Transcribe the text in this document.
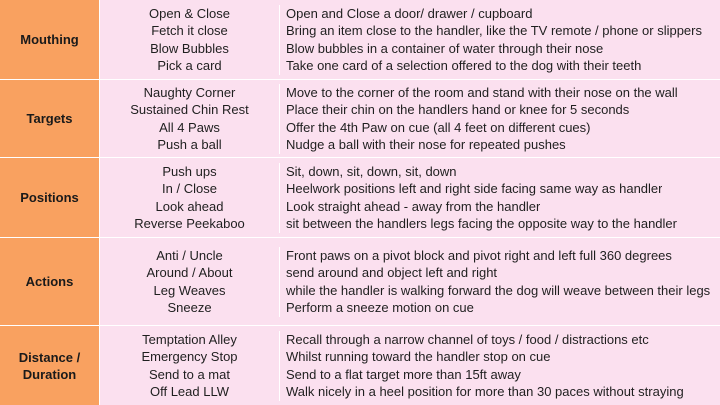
Mouthing
Open & Close	Open and Close a door/ drawer / cupboard
Fetch it close	Bring an item close to the handler, like the TV remote / phone or slippers
Blow Bubbles	Blow bubbles in a container of water through their nose
Pick a card	Take one card of a selection offered to the dog with their teeth
Targets
Naughty Corner	Move to the corner of the room and stand with their nose on the wall
Sustained Chin Rest	Place their chin on the handlers hand or knee for 5 seconds
All 4 Paws	Offer the 4th Paw on cue (all 4 feet on different cues)
Push a ball	Nudge a ball with their nose for repeated pushes
Positions
Push ups	Sit, down, sit, down, sit, down
In / Close	Heelwork positions left and right side facing same way as handler
Look ahead	Look straight ahead - away from the handler
Reverse Peekaboo	sit between the handlers legs facing the opposite way to the handler
Actions
Anti / Uncle	Front paws on a pivot block and pivot right and left full 360 degrees
Around / About	send around and object left and right
Leg Weaves	while the handler is walking forward the dog will weave between their legs
Sneeze	Perform a sneeze motion on cue
Distance /
Duration
Temptation Alley	Recall through a narrow channel of toys / food / distractions etc
Emergency Stop	Whilst running toward the handler stop on cue
Send to a mat	Send to a flat target more than 15ft away
Off Lead LLW	Walk nicely in a heel position for more than 30 paces without straying
